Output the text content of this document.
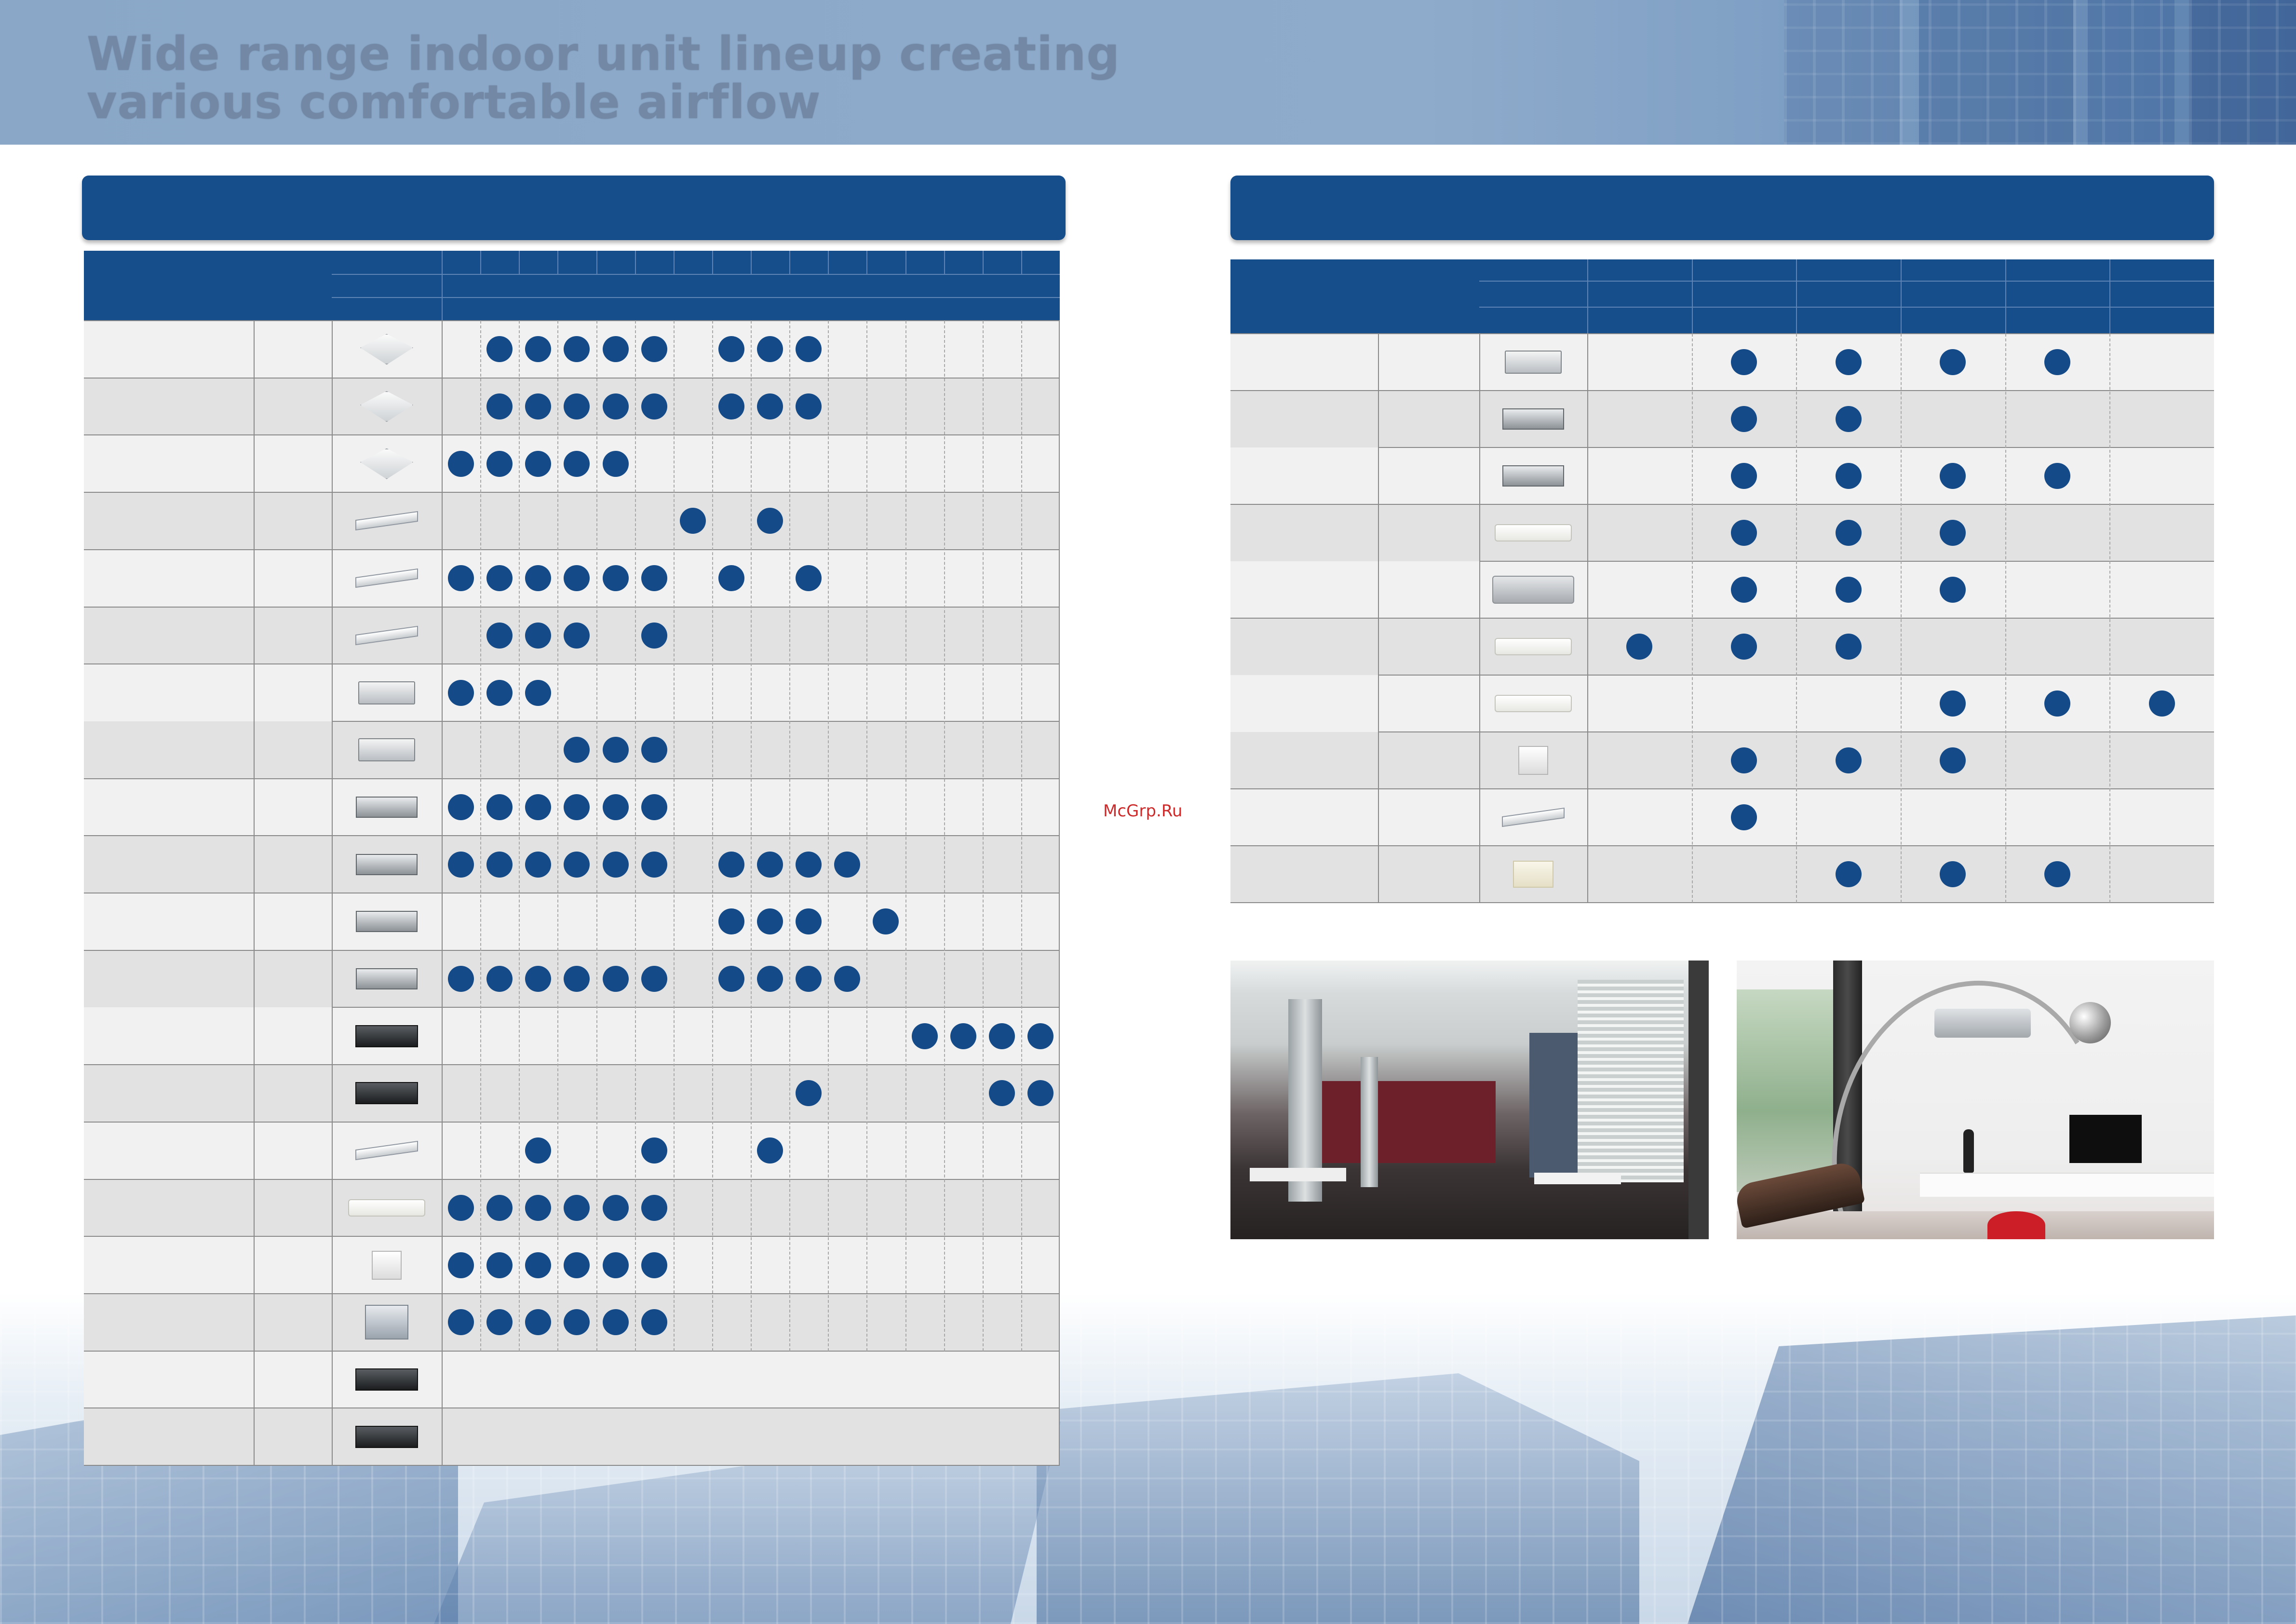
Wide range indoor unit lineup creating
various comfortable airflow
McGrp.Ru
